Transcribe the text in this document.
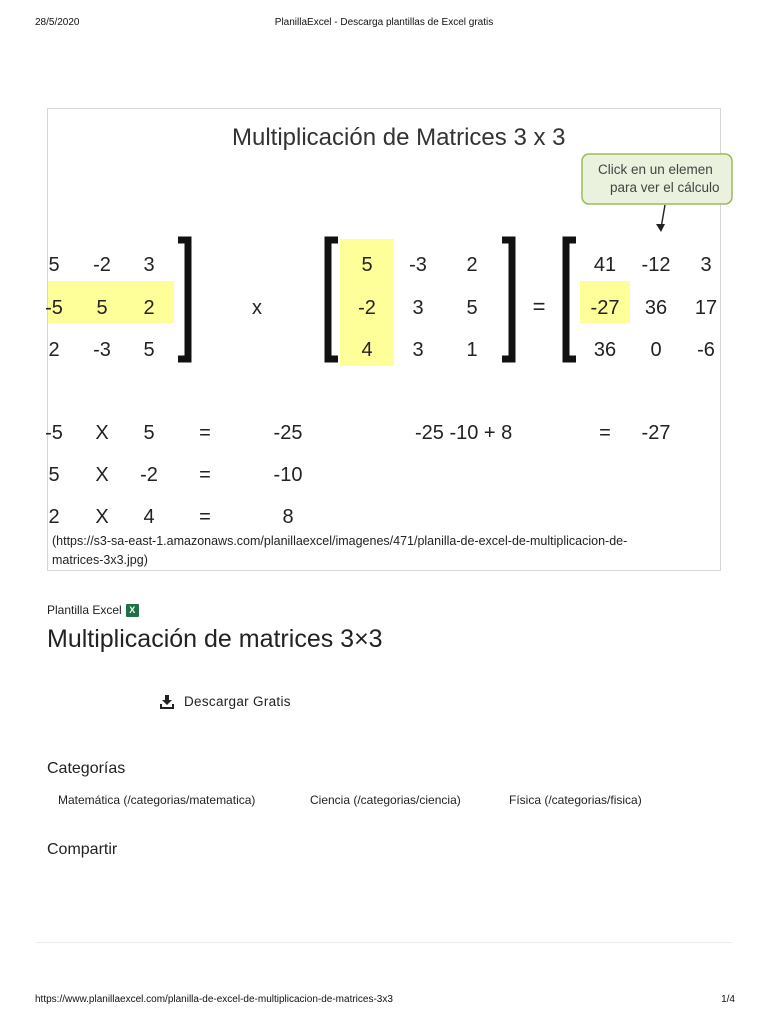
28/5/2020	PlanillaExcel - Descarga plantillas de Excel gratis
Multiplicación de Matrices 3 x 3
Click en un elemen
para ver el cálculo
5 -2 3
-5 5 2
2 -3 5
x
5 -3 2
-2 3 5
4 3 1
=
41 -12 3
-27 36 17
36 0 -6
-5 X 5 =	-25
5 X -2 =	-10
2 X 4 =	8
-25 -10 + 8	= -27
(https://s3-sa-east-1.amazonaws.com/planillaexcel/imagenes/471/planilla-de-excel-de-multiplicacion-de-
matrices-3x3.jpg)
Plantilla Excel X
Multiplicación de matrices 3×3
Descargar Gratis
Categorías
Matemática (/categorias/matematica)	Ciencia (/categorias/ciencia)	Física (/categorias/fisica)
Compartir
https://www.planillaexcel.com/planilla-de-excel-de-multiplicacion-de-matrices-3x3	1/4
